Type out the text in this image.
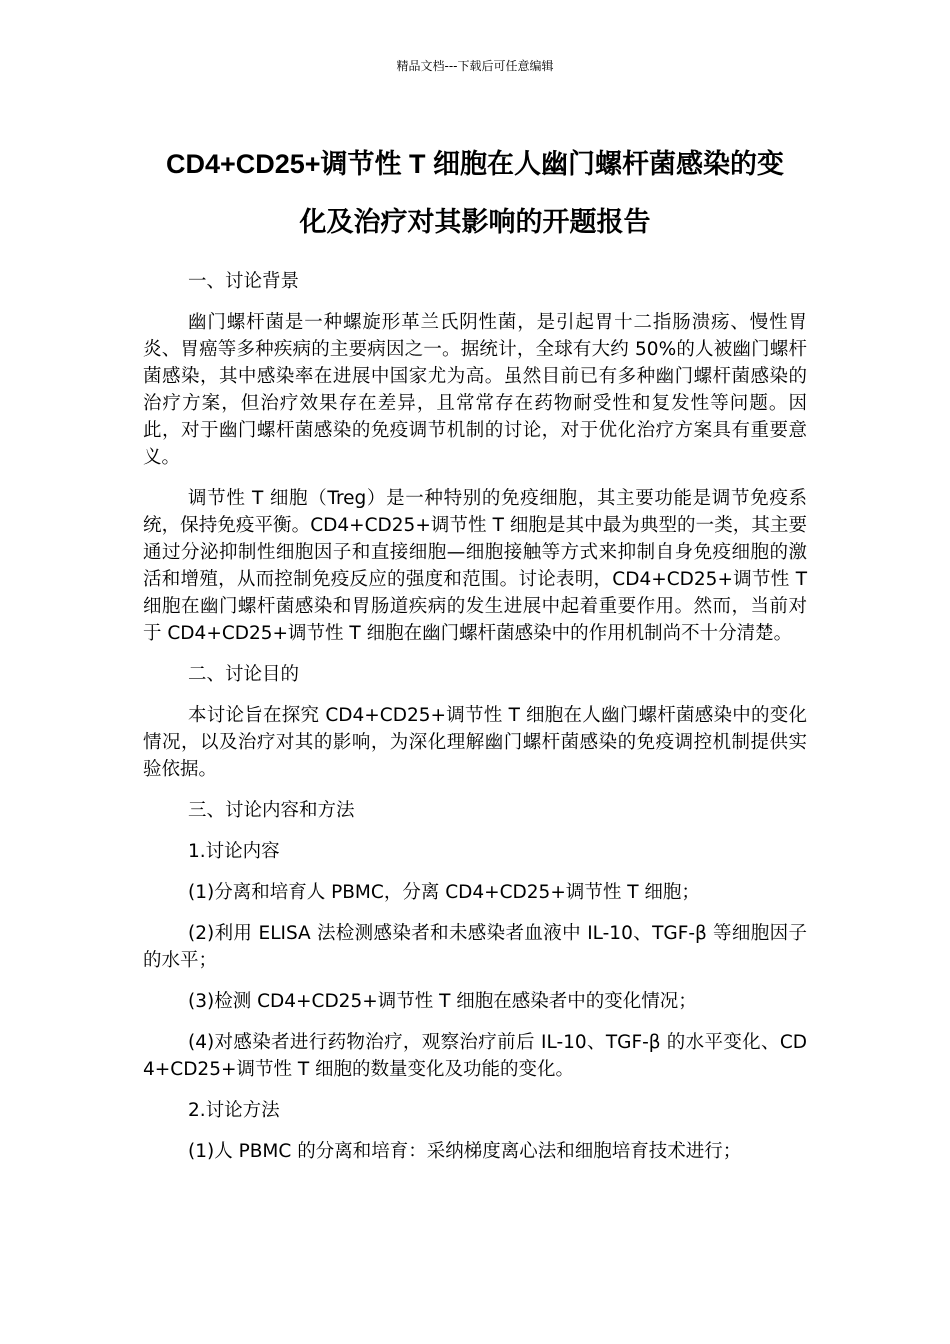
精品文档---下载后可任意编辑
CD4+CD25+调节性 T 细胞在人幽门螺杆菌感染的变
化及治疗对其影响的开题报告

一、讨论背景

幽门螺杆菌是一种螺旋形革兰氏阴性菌，是引起胃十二指肠溃疡、慢性胃炎、胃癌等多种疾病的主要病因之一。据统计，全球有大约 50%的人被幽门螺杆菌感染，其中感染率在进展中国家尤为高。虽然目前已有多种幽门螺杆菌感染的治疗方案，但治疗效果存在差异，且常常存在药物耐受性和复发性等问题。因此，对于幽门螺杆菌感染的免疫调节机制的讨论，对于优化治疗方案具有重要意义。

调节性 T 细胞（Treg）是一种特别的免疫细胞，其主要功能是调节免疫系统，保持免疫平衡。CD4+CD25+调节性 T 细胞是其中最为典型的一类，其主要通过分泌抑制性细胞因子和直接细胞—细胞接触等方式来抑制自身免疫细胞的激活和增殖，从而控制免疫反应的强度和范围。讨论表明，CD4+CD25+调节性 T 细胞在幽门螺杆菌感染和胃肠道疾病的发生进展中起着重要作用。然而，当前对于 CD4+CD25+调节性 T 细胞在幽门螺杆菌感染中的作用机制尚不十分清楚。

二、讨论目的

本讨论旨在探究 CD4+CD25+调节性 T 细胞在人幽门螺杆菌感染中的变化情况，以及治疗对其的影响，为深化理解幽门螺杆菌感染的免疫调控机制提供实验依据。

三、讨论内容和方法

1.讨论内容

(1)分离和培育人 PBMC，分离 CD4+CD25+调节性 T 细胞；

(2)利用 ELISA 法检测感染者和未感染者血液中 IL-10、TGF-β 等细胞因子的水平；

(3)检测 CD4+CD25+调节性 T 细胞在感染者中的变化情况；

(4)对感染者进行药物治疗，观察治疗前后 IL-10、TGF-β 的水平变化、CD4+CD25+调节性 T 细胞的数量变化及功能的变化。

2.讨论方法

(1)人 PBMC 的分离和培育：采纳梯度离心法和细胞培育技术进行；
